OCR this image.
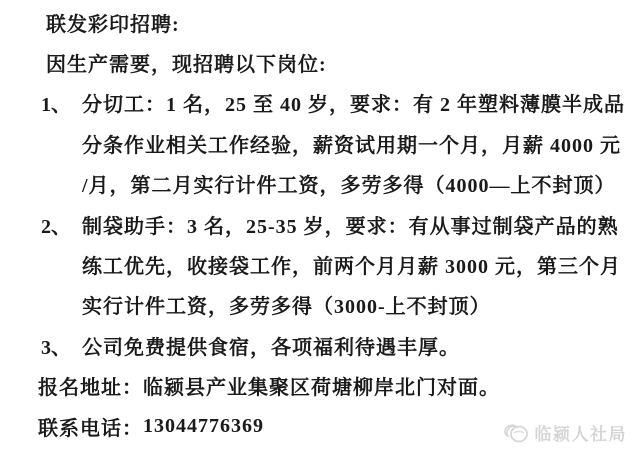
联发彩印招聘:
因生产需要，现招聘以下岗位:
1、 分切工：1 名，25 至 40 岁，要求：有 2 年塑料薄膜半成品
分条作业相关工作经验，薪资试用期一个月，月薪 4000 元
/月，第二月实行计件工资，多劳多得（4000—上不封顶）
2、 制袋助手：3 名，25-35 岁，要求：有从事过制袋产品的熟
练工优先，收接袋工作，前两个月月薪 3000 元，第三个月
实行计件工资，多劳多得（3000-上不封顶）
3、 公司免费提供食宿，各项福利待遇丰厚。
报名地址： 临颍县产业集聚区荷塘柳岸北门对面。
联系电话： 13044776369	临颍人社局
